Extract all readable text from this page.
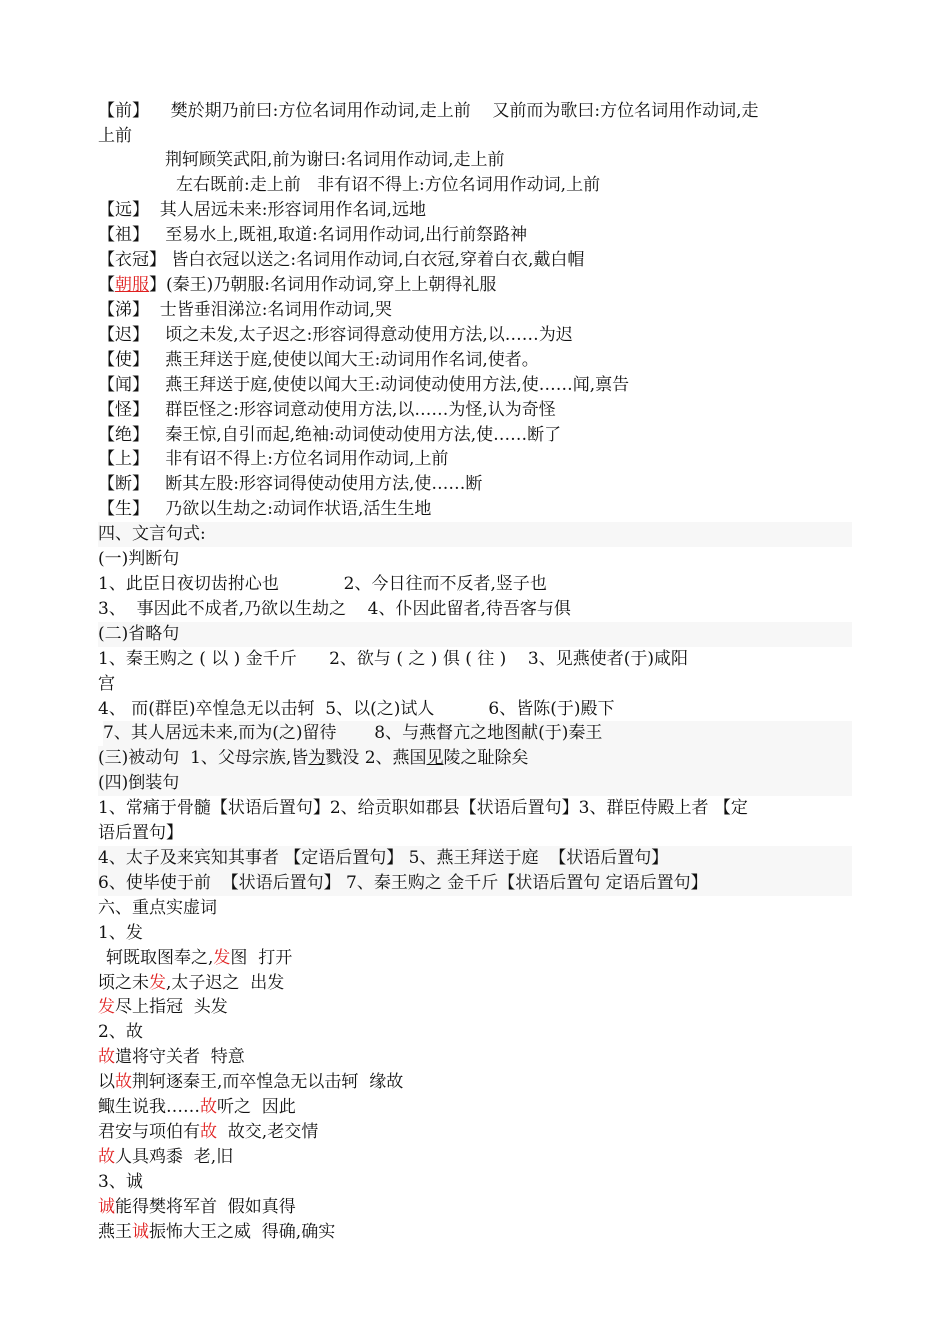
【前】    樊於期乃前曰:方位名词用作动词,走上前    又前而为歌曰:方位名词用作动词,走
上前
荆轲顾笑武阳,前为谢曰:名词用作动词,走上前
左右既前:走上前   非有诏不得上:方位名词用作动词,上前
【远】  其人居远未来:形容词用作名词,远地
【祖】   至易水上,既祖,取道:名词用作动词,出行前祭路神
【衣冠】 皆白衣冠以送之:名词用作动词,白衣冠,穿着白衣,戴白帽
【朝服】(秦王)乃朝服:名词用作动词,穿上上朝得礼服
【涕】  士皆垂泪涕泣:名词用作动词,哭
【迟】   顷之未发,太子迟之:形容词得意动使用方法,以……为迟
【使】   燕王拜送于庭,使使以闻大王:动词用作名词,使者。
【闻】   燕王拜送于庭,使使以闻大王:动词使动使用方法,使……闻,禀告
【怪】   群臣怪之:形容词意动使用方法,以……为怪,认为奇怪
【绝】   秦王惊,自引而起,绝袖:动词使动使用方法,使……断了
【上】   非有诏不得上:方位名词用作动词,上前
【断】   断其左股:形容词得使动使用方法,使……断
【生】   乃欲以生劫之:动词作状语,活生生地
四、文言句式:
(一)判断句
1、此臣日夜切齿拊心也            2、今日往而不反者,竖子也
3、  事因此不成者,乃欲以生劫之    4、仆因此留者,待吾客与俱
(二)省略句
1、秦王购之 ( 以 ) 金千斤      2、欲与 ( 之 ) 俱 ( 往 )    3、见燕使者(于)咸阳
宫
4、 而(群臣)卒惶急无以击轲  5、以(之)试人          6、皆陈(于)殿下
7、其人居远未来,而为(之)留待       8、与燕督亢之地图献(于)秦王
(三)被动句  1、父母宗族,皆为戮没 2、燕国见陵之耻除矣
(四)倒装句
1、常痛于骨髓【状语后置句】2、给贡职如郡县【状语后置句】3、群臣侍殿上者 【定
语后置句】
4、太子及来宾知其事者 【定语后置句】 5、燕王拜送于庭  【状语后置句】
6、使毕使于前  【状语后置句】 7、秦王购之 金千斤【状语后置句 定语后置句】
六、重点实虚词
1、发
轲既取图奉之,发图  打开
顷之未发,太子迟之  出发
发尽上指冠  头发
2、故
故遣将守关者  特意
以故荆轲逐秦王,而卒惶急无以击轲  缘故
鲰生说我……故听之  因此
君安与项伯有故  故交,老交情
故人具鸡黍  老,旧
3、诚
诚能得樊将军首  假如真得
燕王诚振怖大王之威  得确,确实
